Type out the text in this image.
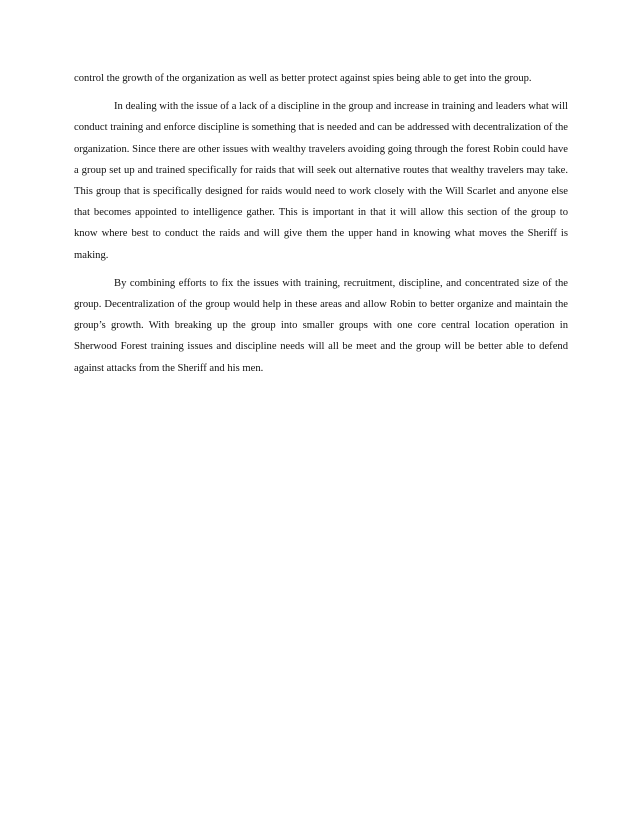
control the growth of the organization as well as better protect against spies being able to get into the group.

In dealing with the issue of a lack of a discipline in the group and increase in training and leaders what will conduct training and enforce discipline is something that is needed and can be addressed with decentralization of the organization. Since there are other issues with wealthy travelers avoiding going through the forest Robin could have a group set up and trained specifically for raids that will seek out alternative routes that wealthy travelers may take. This group that is specifically designed for raids would need to work closely with the Will Scarlet and anyone else that becomes appointed to intelligence gather. This is important in that it will allow this section of the group to know where best to conduct the raids and will give them the upper hand in knowing what moves the Sheriff is making.

By combining efforts to fix the issues with training, recruitment, discipline, and concentrated size of the group. Decentralization of the group would help in these areas and allow Robin to better organize and maintain the group’s growth. With breaking up the group into smaller groups with one core central location operation in Sherwood Forest training issues and discipline needs will all be meet and the group will be better able to defend against attacks from the Sheriff and his men.
